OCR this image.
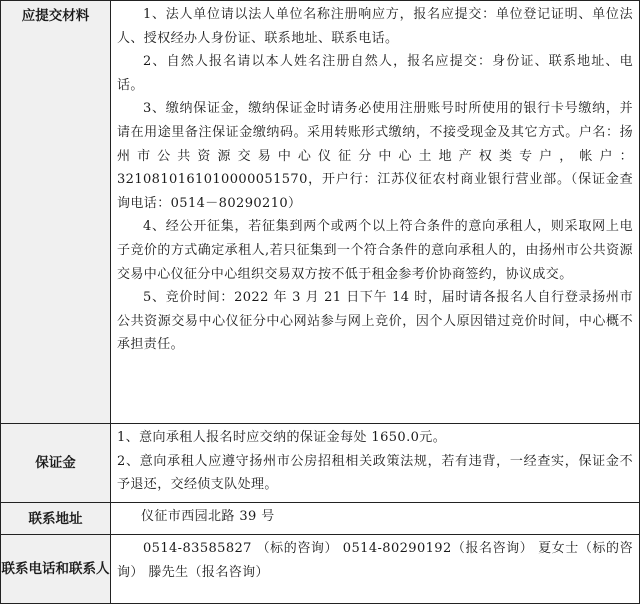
应提交材料	1、法人单位请以法人单位名称注册响应方，报名应提交：单位登记证明、单位法人、授权经办人身份证、联系地址、联系电话。

2、自然人报名请以本人姓名注册自然人，报名应提交：身份证、联系地址、电话。

3、缴纳保证金，缴纳保证金时请务必使用注册账号时所使用的银行卡号缴纳，并请在用途里备注保证金缴纳码。采用转账形式缴纳，不接受现金及其它方式。户名：扬州市公共资源交易中心仪征分中心土地产权类专户，帐户：3210810161010000051570，开户行：江苏仪征农村商业银行营业部。（保证金查询电话：0514－80290210）

4、经公开征集，若征集到两个或两个以上符合条件的意向承租人，则采取网上电子竞价的方式确定承租人,若只征集到一个符合条件的意向承租人的，由扬州市公共资源交易中心仪征分中心组织交易双方按不低于租金参考价协商签约，协议成交。

5、竞价时间：2022 年 3 月 21 日下午 14 时，届时请各报名人自行登录扬州市公共资源交易中心仪征分中心网站参与网上竞价，因个人原因错过竞价时间，中心概不承担责任。

保证金	1、意向承租人报名时应交纳的保证金每处 1650.0元。

2、意向承租人应遵守扬州市公房招租相关政策法规，若有违背，一经查实，保证金不予退还，交经侦支队处理。

联系地址	仪征市西园北路 39 号
联系电话和联系人	0514-83585827 （标的咨询） 0514-80290192（报名咨询） 夏女士（标的咨询） 滕先生（报名咨询）
